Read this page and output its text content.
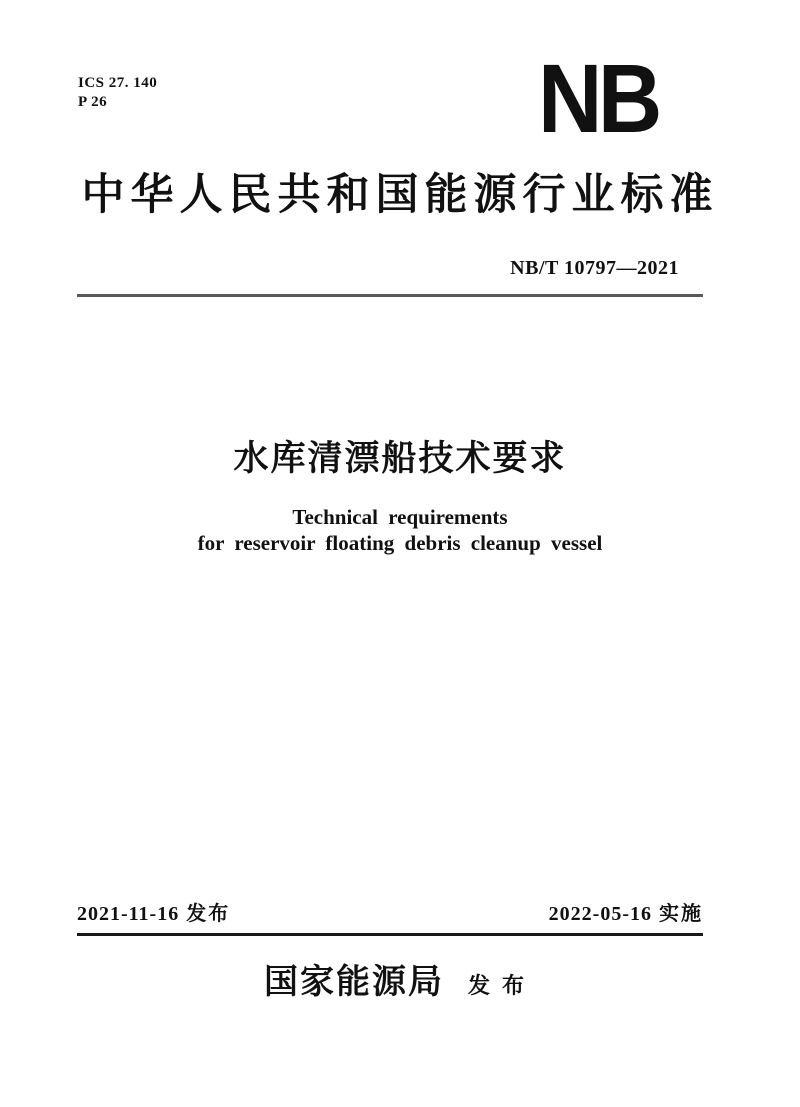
ICS 27. 140
P 26	NB
中华人民共和国能源行业标准
NB/T 10797—2021
水库清漂船技术要求
Technical requirements
for reservoir floating debris cleanup vessel
2021-11-16 发布	2022-05-16 实施
国家能源局 发布
